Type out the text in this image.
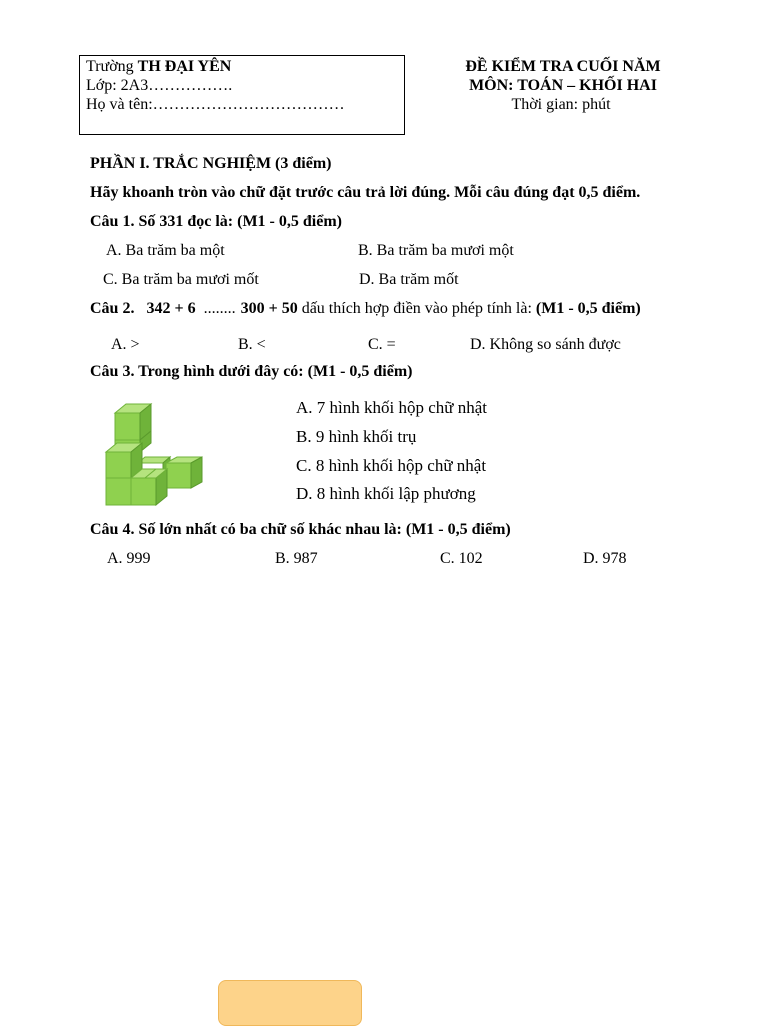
Trường TH ĐẠI YÊN
Lớp: 2A3…………….
Họ và tên:………………………………
ĐỀ KIỂM TRA CUỐI NĂM
MÔN: TOÁN – KHỐI HAI
Thời gian: phút
PHẦN I. TRẮC NGHIỆM (3 điểm)
Hãy khoanh tròn vào chữ đặt trước câu trả lời đúng. Mỗi câu đúng đạt 0,5 điểm.
Câu 1. Số 331 đọc là: (M1 - 0,5 điểm)
A. Ba trăm ba một	B. Ba trăm ba mươi một
C. Ba trăm ba mươi mốt	D. Ba trăm mốt
Câu 2. 342 + 6 ........ 300 + 50 dấu thích hợp điền vào phép tính là: (M1 - 0,5 điểm)
A. >	B. <	C. =	D. Không so sánh được
Câu 3. Trong hình dưới đây có: (M1 - 0,5 điểm)
A. 7 hình khối hộp chữ nhật
B. 9 hình khối trụ
C. 8 hình khối hộp chữ nhật
D. 8 hình khối lập phương
Câu 4. Số lớn nhất có ba chữ số khác nhau là: (M1 - 0,5 điểm)
A. 999	B. 987	C. 102	D. 978
